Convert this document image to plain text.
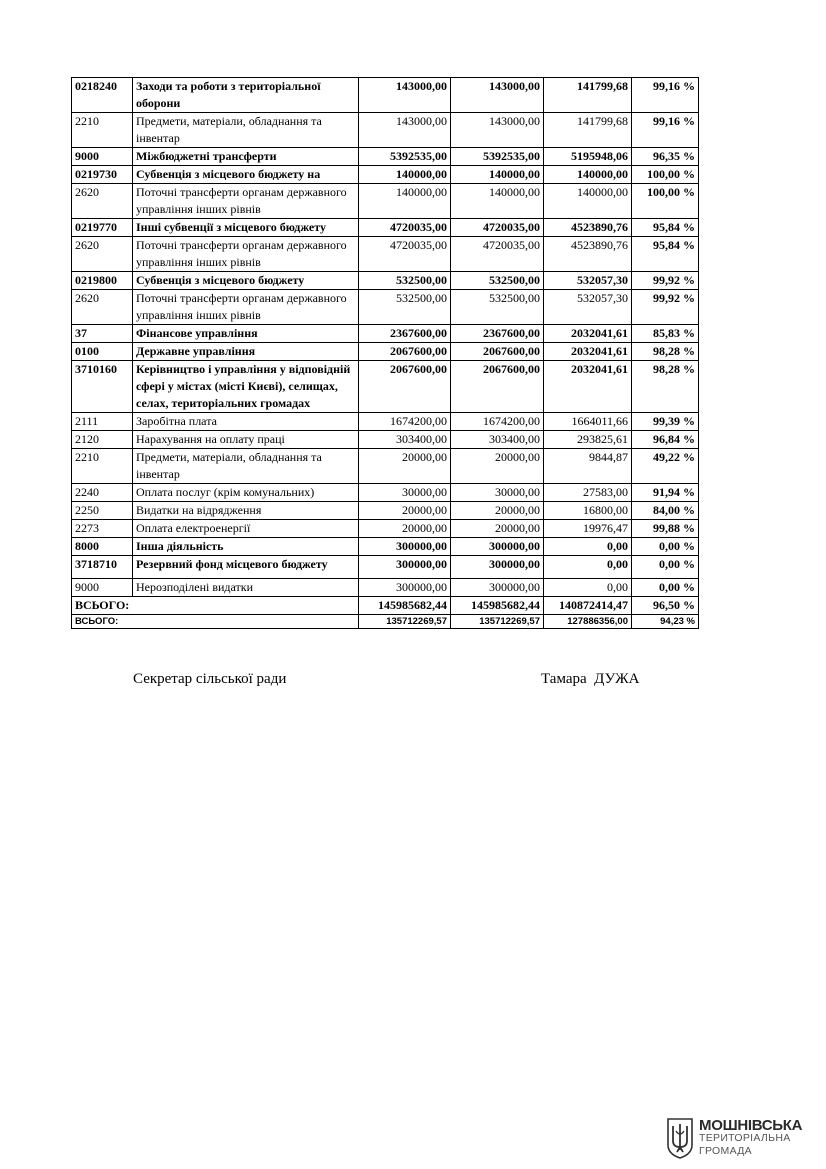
0218240	Заходи та роботи з територіальної оборони	143000,00	143000,00	141799,68	99,16 %
2210	Предмети, матеріали, обладнання та інвентар	143000,00	143000,00	141799,68	99,16 %
9000	Міжбюджетні трансферти	5392535,00	5392535,00	5195948,06	96,35 %
0219730	Субвенція з місцевого бюджету на	140000,00	140000,00	140000,00	100,00 %
2620	Поточні трансферти органам державного управління інших рівнів	140000,00	140000,00	140000,00	100,00 %
0219770	Інші субвенції з місцевого бюджету	4720035,00	4720035,00	4523890,76	95,84 %
2620	Поточні трансферти органам державного управління інших рівнів	4720035,00	4720035,00	4523890,76	95,84 %
0219800	Субвенція з місцевого бюджету	532500,00	532500,00	532057,30	99,92 %
2620	Поточні трансферти органам державного управління інших рівнів	532500,00	532500,00	532057,30	99,92 %
37	Фінансове управління	2367600,00	2367600,00	2032041,61	85,83 %
0100	Державне управління	2067600,00	2067600,00	2032041,61	98,28 %
3710160	Керівництво і управління у відповідній сфері у містах (місті Києві), селищах, селах, територіальних громадах	2067600,00	2067600,00	2032041,61	98,28 %
2111	Заробітна плата	1674200,00	1674200,00	1664011,66	99,39 %
2120	Нарахування на оплату праці	303400,00	303400,00	293825,61	96,84 %
2210	Предмети, матеріали, обладнання та інвентар	20000,00	20000,00	9844,87	49,22 %
2240	Оплата послуг (крім комунальних)	30000,00	30000,00	27583,00	91,94 %
2250	Видатки на відрядження	20000,00	20000,00	16800,00	84,00 %
2273	Оплата електроенергії	20000,00	20000,00	19976,47	99,88 %
8000	Інша діяльність	300000,00	300000,00	0,00	0,00 %
3718710	Резервний фонд місцевого бюджету	300000,00	300000,00	0,00	0,00 %
9000	Нерозподілені видатки	300000,00	300000,00	0,00	0,00 %
ВСЬОГО:		145985682,44	145985682,44	140872414,47	96,50 %
ВСЬОГО:		135712269,57	135712269,57	127886356,00	94,23 %
Секретар сільської ради	Тамара  ДУЖА
МОШНІВСЬКА
ТЕРИТОРІАЛЬНА
ГРОМАДА
